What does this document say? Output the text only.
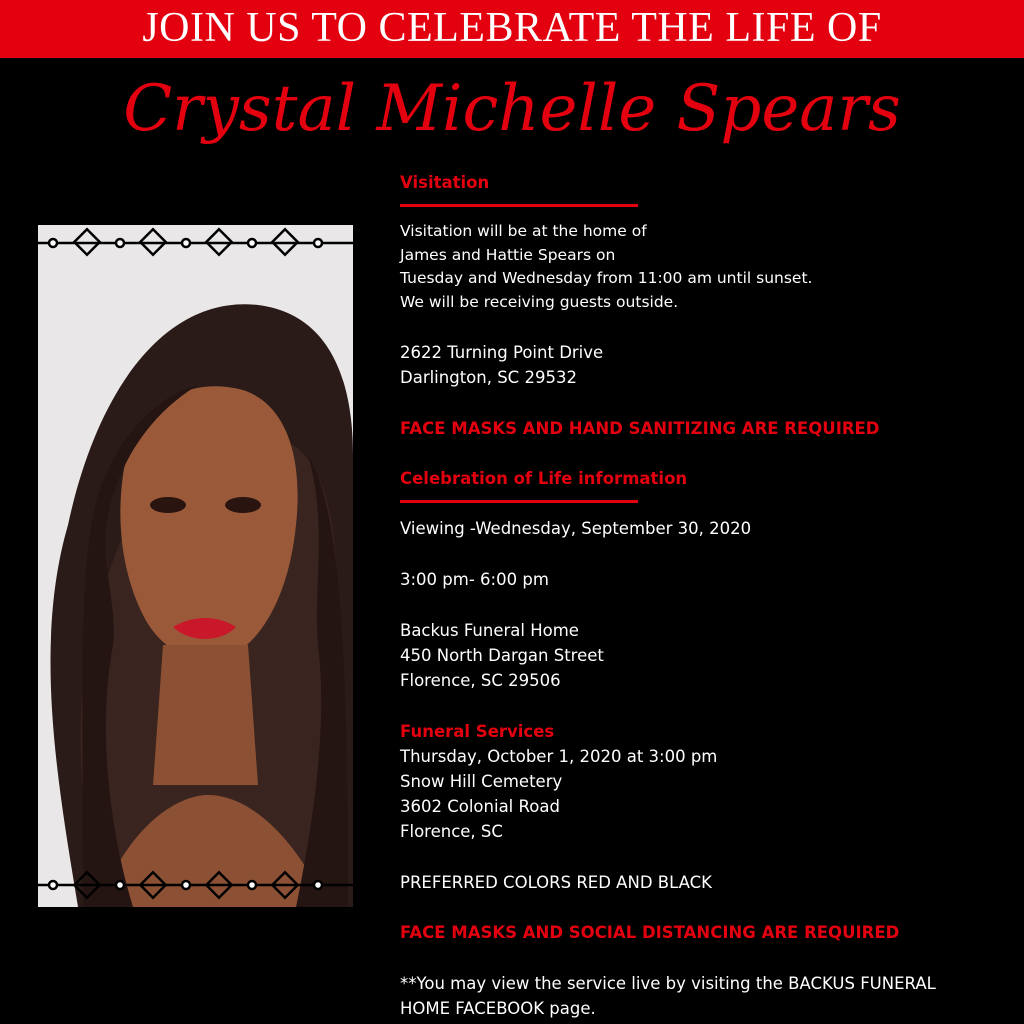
JOIN US TO CELEBRATE THE LIFE OF
Crystal Michelle Spears
Visitation
Visitation will be at the home of
James and Hattie Spears on
Tuesday and Wednesday from 11:00 am until sunset.
We will be receiving guests outside.
2622 Turning Point Drive
Darlington, SC 29532
FACE MASKS AND HAND SANITIZING ARE REQUIRED
Celebration of Life information
Viewing -Wednesday, September 30, 2020
3:00 pm- 6:00 pm
Backus Funeral Home
450 North Dargan Street
Florence, SC 29506
Funeral Services
Thursday, October 1, 2020 at 3:00 pm
Snow Hill Cemetery
3602 Colonial Road
Florence, SC
PREFERRED COLORS RED AND BLACK
FACE MASKS AND SOCIAL DISTANCING ARE REQUIRED
**You may view the service live by visiting the BACKUS FUNERAL
HOME FACEBOOK page.
